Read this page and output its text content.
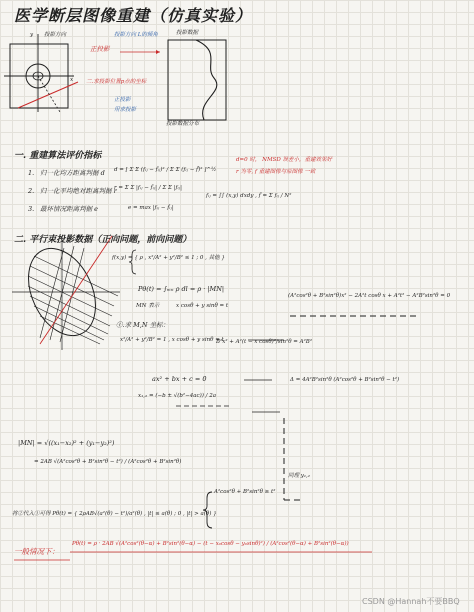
医学断层图像重建（仿真实验）
y
x
投影方向	投影方向 L的倾角
正投影
二.求投影位置p点的坐标
正投影
用求投影
投影数据
投影数据分布
一. 重建算法评价指标
1. 归一化均方距离判据 d d = [ Σ Σ (fᵢⱼ − f̂ᵢⱼ)² / Σ Σ (fᵢⱼ − f̄)² ]^½
2. 归一化平均绝对距离判据 r
r = Σ Σ |fᵢⱼ − f̂ᵢⱼ| / Σ Σ |fᵢⱼ|
3. 最坏情况距离判据 e	e = max |fᵢⱼ − f̂ᵢⱼ|
d=0 时， NMSD 误差小，重建效果好
r 为零, f 重建图像与原图像 一致
fᵢⱼ = ∫∫ (x,y) dxdy , f̂ = Σ fᵢⱼ / N²
二. 平行束投影数据（正向问题，前向问题）
f(x,y) = { ρ , x²/A² + y²/B² ≤ 1 ; 0 , 其他 }
Pθ(t) = ∫ₘₙ ρ dl = ρ · |MN|
MN 表示	x cosθ + y sinθ = t
①.求 M,N 坐标：
x²/A² + y²/B² = 1 , x cosθ + y sinθ = t
ax² + bx + c = 0
x₁,₂ = (−b ± √(b²−4ac)) / 2a
(A²cos²θ + B²sin²θ)x² − 2A²t cosθ x + A²t² − A²B²sin²θ = 0
B²x² + A²(t − x cosθ)²/sin²θ = A²B²
Δ = 4A²B²sin²θ (A²cos²θ + B²sin²θ − t²)
|MN| = √((x₁−x₂)² + (y₁−y₂)²)
= 2AB √(A²cos²θ + B²sin²θ − t²) / (A²cos²θ + B²sin²θ)
同理 y₁,₂
A²cos²θ + B²sin²θ ≥ t²
将②代入①可得 Pθ(t) = { 2ρAB√(a²(θ) − t²)/a²(θ) , |t| ≤ a(θ) ; 0 , |t| > a(θ) }
一般情况下：
Pθ(t) = ρ · 2AB √(A²cos²(θ−α) + B²sin²(θ−α) − (t − x₀cosθ − y₀sinθ)²) / (A²cos²(θ−α) + B²sin²(θ−α))
CSDN @Hannah不要BBQ
